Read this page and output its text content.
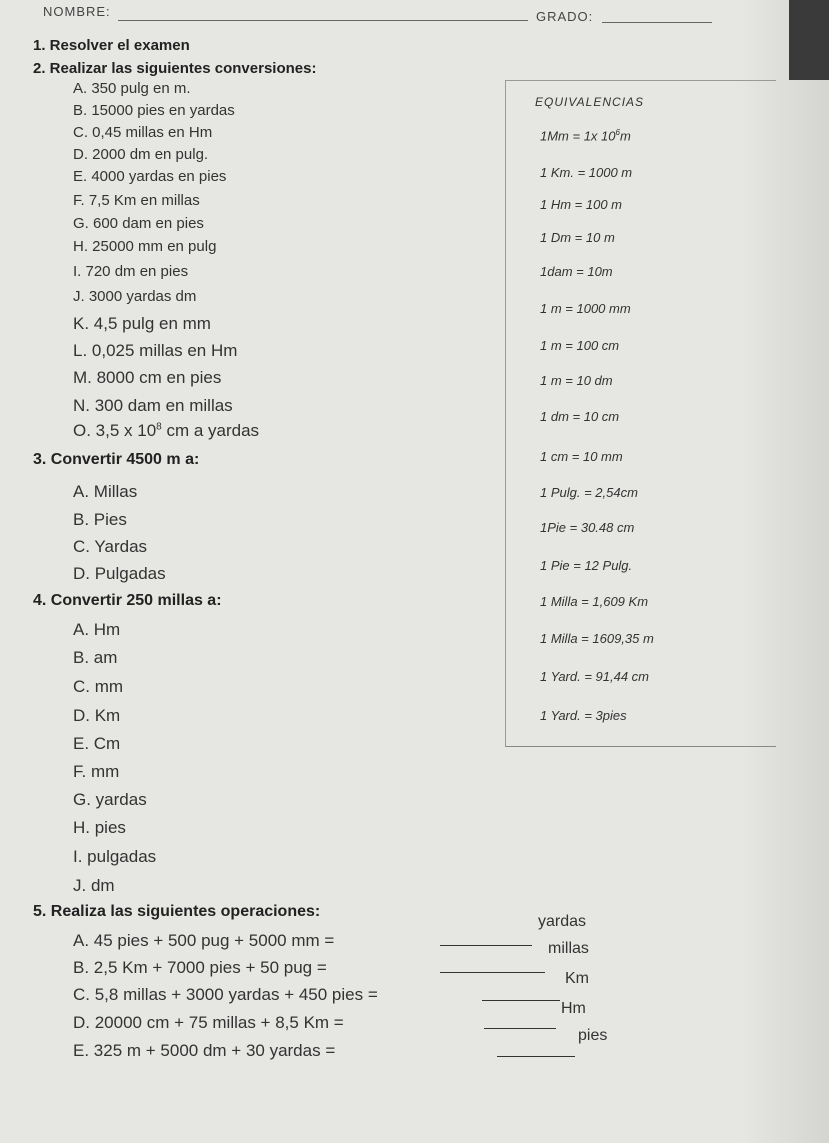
NOMBRE:	GRADO:
1. Resolver el examen
2. Realizar las siguientes conversiones:
A. 350 pulg en m.
B. 15000 pies en yardas
C. 0,45 millas en Hm
D. 2000 dm en pulg.
E. 4000 yardas en pies
F. 7,5 Km en millas
G. 600 dam en pies
H. 25000 mm en pulg
I. 720 dm en pies
J. 3000 yardas dm
K. 4,5 pulg en mm
L. 0,025 millas en Hm
M. 8000 cm en pies
N. 300 dam en millas
O. 3,5 x $10^8$ cm a yardas
3. Convertir 4500 m a:
A. Millas
B. Pies
C. Yardas
D. Pulgadas
4. Convertir 250 millas a:
A. Hm
B. am
C. mm
D. Km
E. Cm
F. mm
G. yardas
H. pies
I. pulgadas
J. dm
5. Realiza las siguientes operaciones:
A. 45 pies + 500 pug + 5000 mm =
yardas
B. 2,5 Km + 7000 pies + 50 pug =
millas
C. 5,8 millas + 3000 yardas + 450 pies =
Km
D. 20000 cm + 75 millas + 8,5 Km =
Hm
E. 325 m + 5000 dm + 30 yardas =
pies
EQUIVALENCIAS
1Mm = 1x $10^6m$
1 Km. = 1000 m
1 Hm = 100 m
1 Dm = 10 m
1dam = 10m
1 m = 1000 mm
1 m = 100 cm
1 m = 10 dm
1 dm = 10 cm
1 cm = 10 mm
1 Pulg. = 2,54cm
1Pie = 30.48 cm
1 Pie = 12 Pulg.
1 Milla = 1,609 Km
1 Milla = 1609,35 m
1 Yard. = 91,44 cm
1 Yard. = 3pies
